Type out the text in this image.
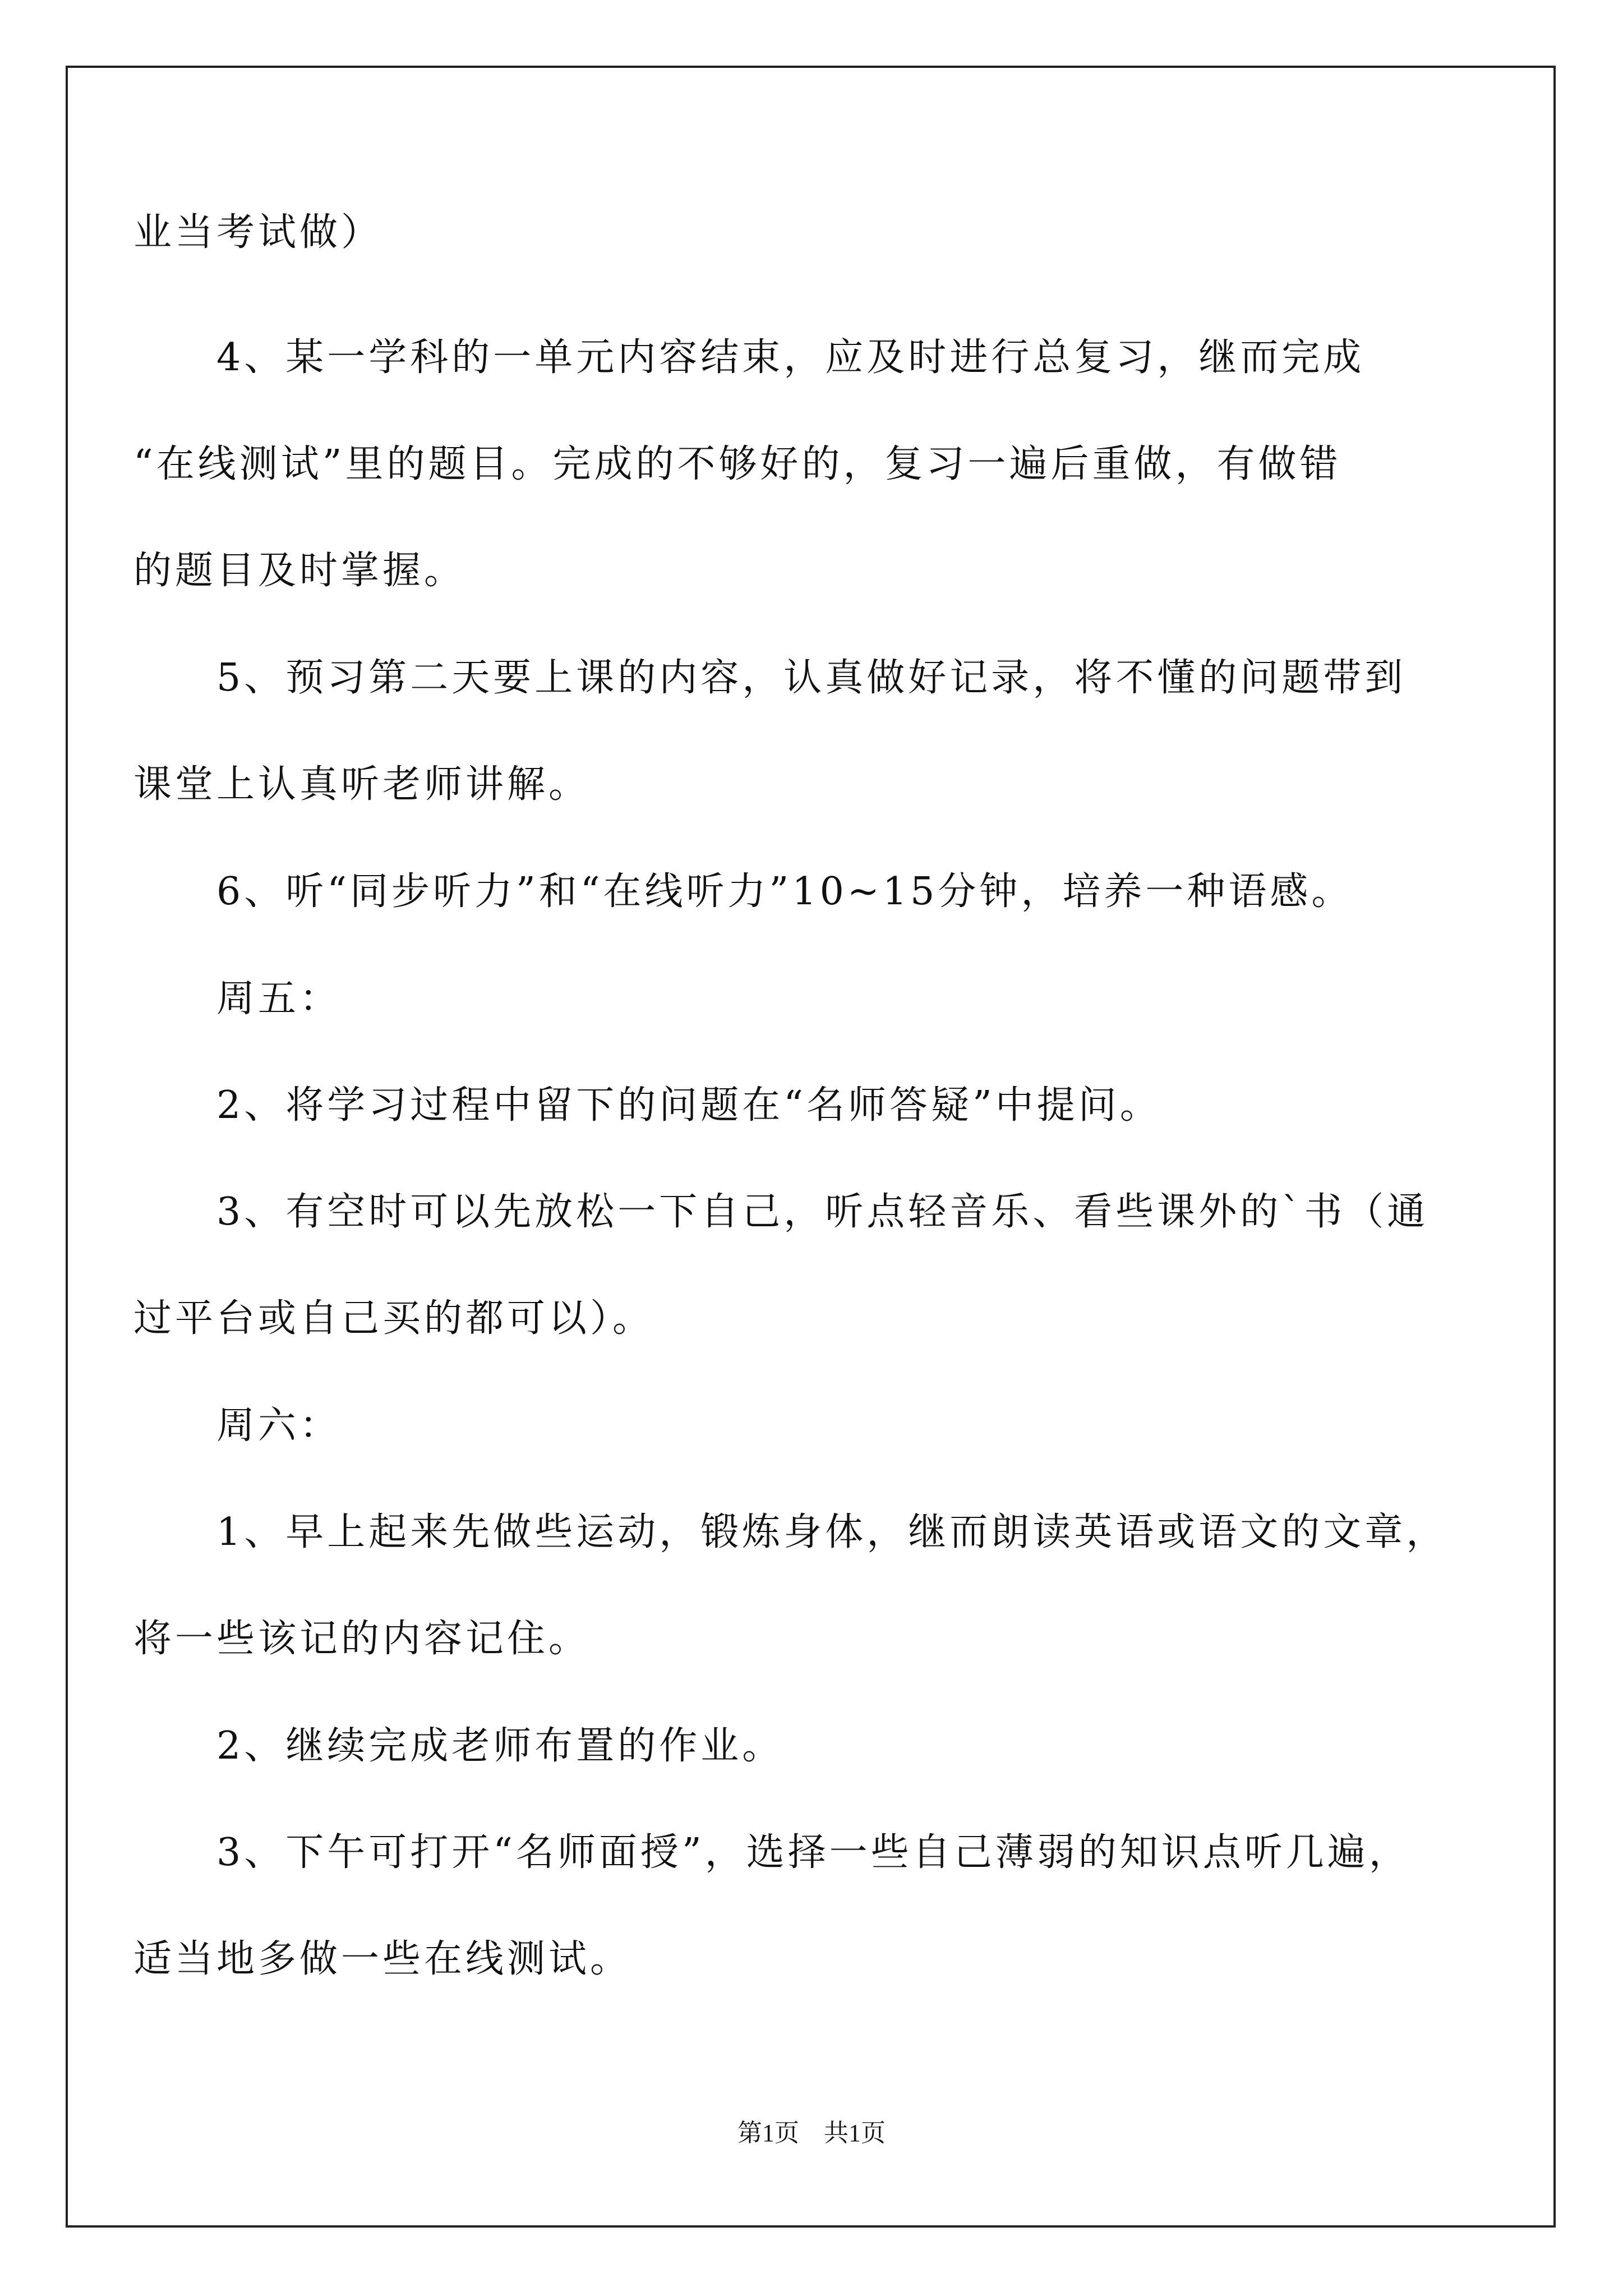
业当考试做）

　　4、某一学科的一单元内容结束，应及时进行总复习，继而完成
“在线测试”里的题目。完成的不够好的，复习一遍后重做，有做错
的题目及时掌握。

　　5、预习第二天要上课的内容，认真做好记录，将不懂的问题带到
课堂上认真听老师讲解。

　　6、听“同步听力”和“在线听力”10~15分钟，培养一种语感。

　　周五：

　　2、将学习过程中留下的问题在“名师答疑”中提问。

　　3、有空时可以先放松一下自己，听点轻音乐、看些课外的`书（通
过平台或自己买的都可以）。

　　周六：

　　1、早上起来先做些运动，锻炼身体，继而朗读英语或语文的文章，
将一些该记的内容记住。

　　2、继续完成老师布置的作业。

　　3、下午可打开“名师面授”，选择一些自己薄弱的知识点听几遍，
适当地多做一些在线测试。

第1页　共1页
